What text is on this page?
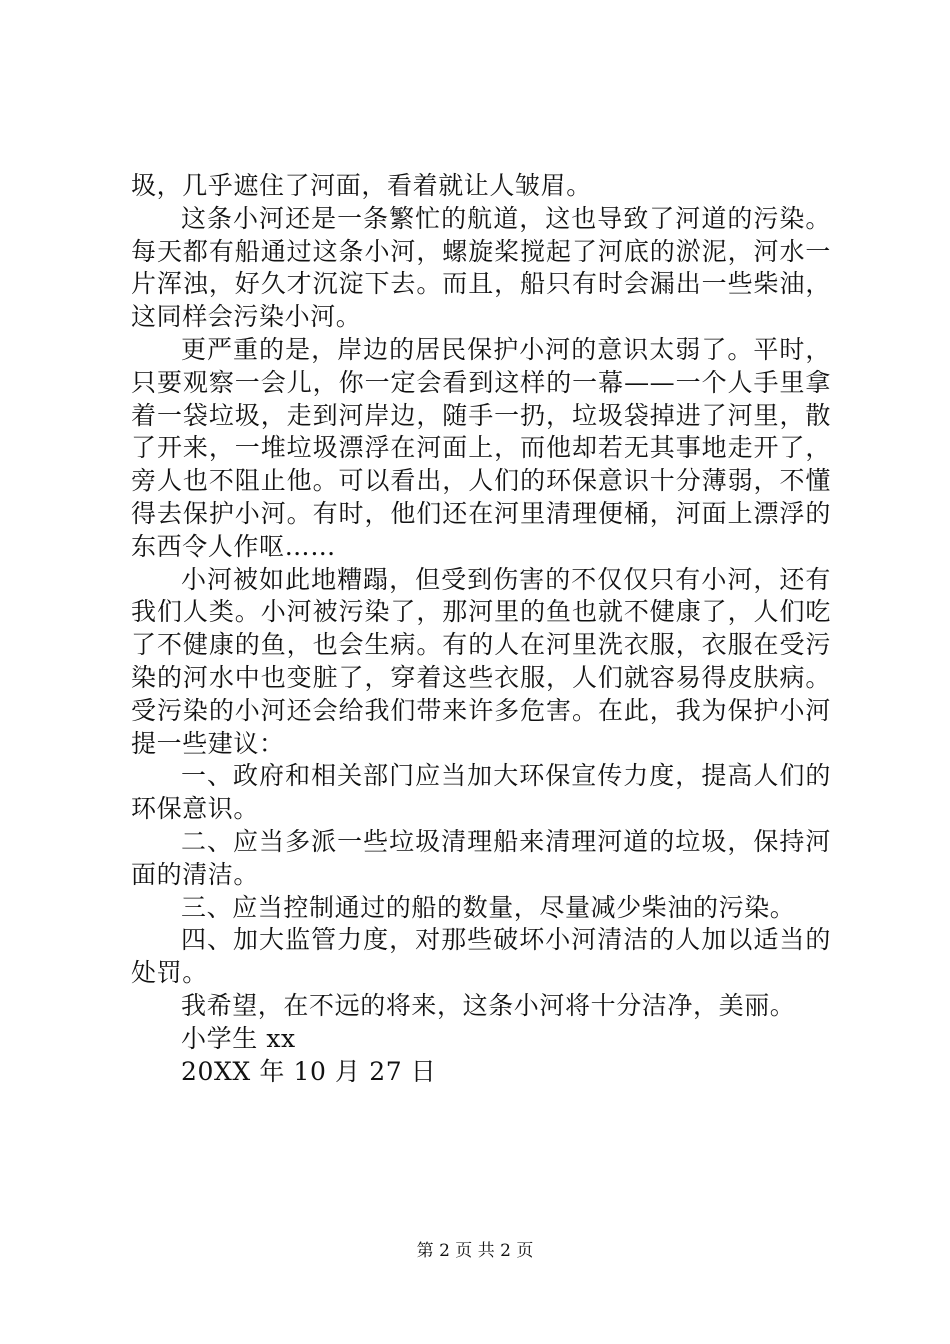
圾，几乎遮住了河面，看着就让人皱眉。

这条小河还是一条繁忙的航道，这也导致了河道的污染。每天都有船通过这条小河，螺旋桨搅起了河底的淤泥，河水一片浑浊，好久才沉淀下去。而且，船只有时会漏出一些柴油，这同样会污染小河。

更严重的是，岸边的居民保护小河的意识太弱了。平时，只要观察一会儿，你一定会看到这样的一幕——一个人手里拿着一袋垃圾，走到河岸边，随手一扔，垃圾袋掉进了河里，散了开来，一堆垃圾漂浮在河面上，而他却若无其事地走开了，旁人也不阻止他。可以看出，人们的环保意识十分薄弱，不懂得去保护小河。有时，他们还在河里清理便桶，河面上漂浮的东西令人作呕……

小河被如此地糟蹋，但受到伤害的不仅仅只有小河，还有我们人类。小河被污染了，那河里的鱼也就不健康了，人们吃了不健康的鱼，也会生病。有的人在河里洗衣服，衣服在受污染的河水中也变脏了，穿着这些衣服，人们就容易得皮肤病。受污染的小河还会给我们带来许多危害。在此，我为保护小河提一些建议：

一、政府和相关部门应当加大环保宣传力度，提高人们的环保意识。

二、应当多派一些垃圾清理船来清理河道的垃圾，保持河面的清洁。

三、应当控制通过的船的数量，尽量减少柴油的污染。

四、加大监管力度，对那些破坏小河清洁的人加以适当的处罚。

我希望，在不远的将来，这条小河将十分洁净，美丽。

小学生 xx

20XX 年 10 月 27 日

第 2 页 共 2 页
